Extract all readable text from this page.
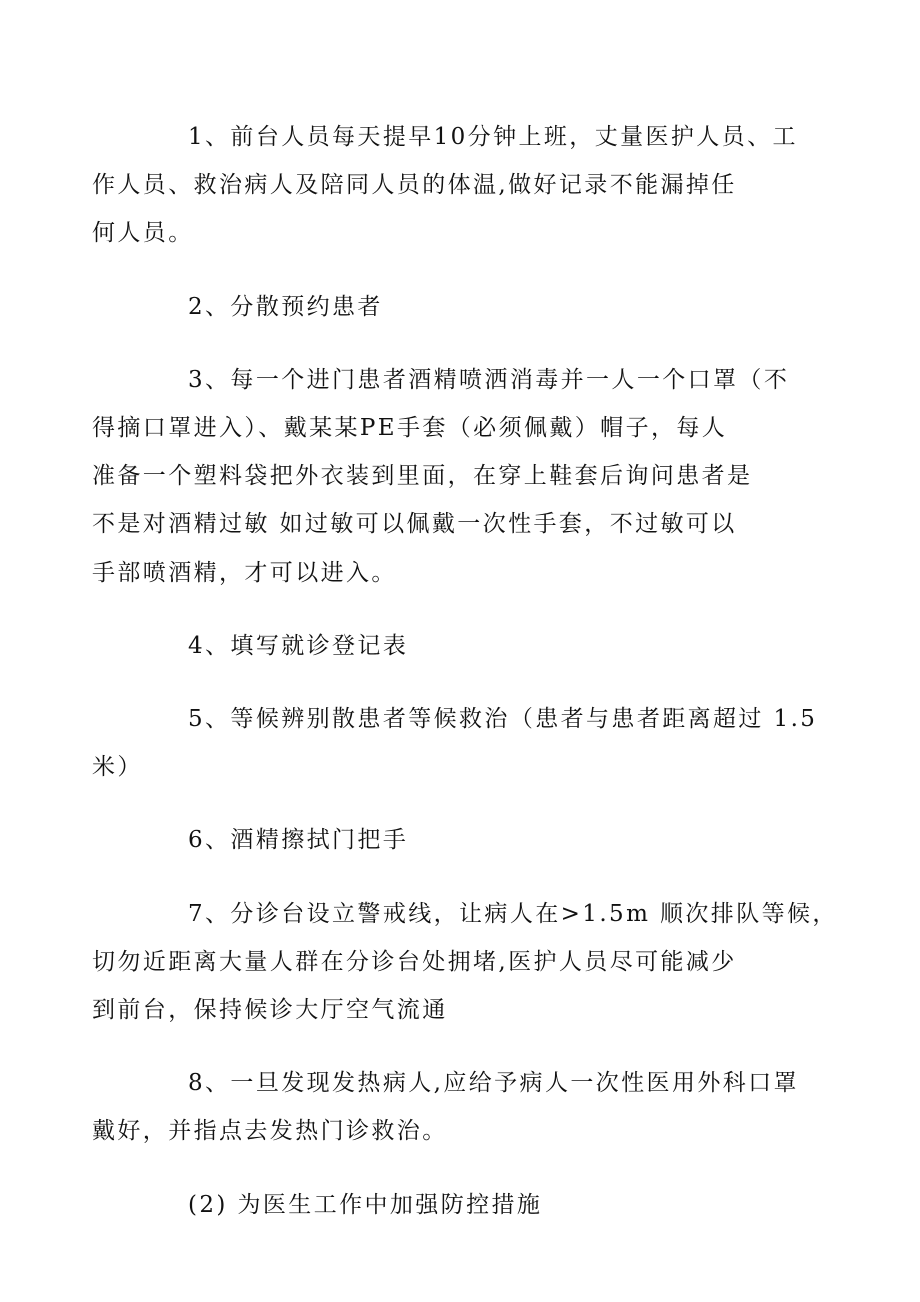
1、前台人员每天提早10分钟上班，丈量医护人员、工
作人员、救治病人及陪同人员的体温,做好记录不能漏掉任
何人员。

2、分散预约患者

3、每一个进门患者酒精喷洒消毒并一人一个口罩（不
得摘口罩进入）、戴某某PE手套（必须佩戴）帽子，每人
准备一个塑料袋把外衣装到里面，在穿上鞋套后询问患者是
不是对酒精过敏 如过敏可以佩戴一次性手套，不过敏可以
手部喷酒精，才可以进入。

4、填写就诊登记表

5、等候辨别散患者等候救治（患者与患者距离超过 1.5
米）

6、酒精擦拭门把手

7、分诊台设立警戒线，让病人在>1.5m 顺次排队等候，
切勿近距离大量人群在分诊台处拥堵,医护人员尽可能减少
到前台，保持候诊大厅空气流通

8、一旦发现发热病人,应给予病人一次性医用外科口罩
戴好，并指点去发热门诊救治。

(2) 为医生工作中加强防控措施
